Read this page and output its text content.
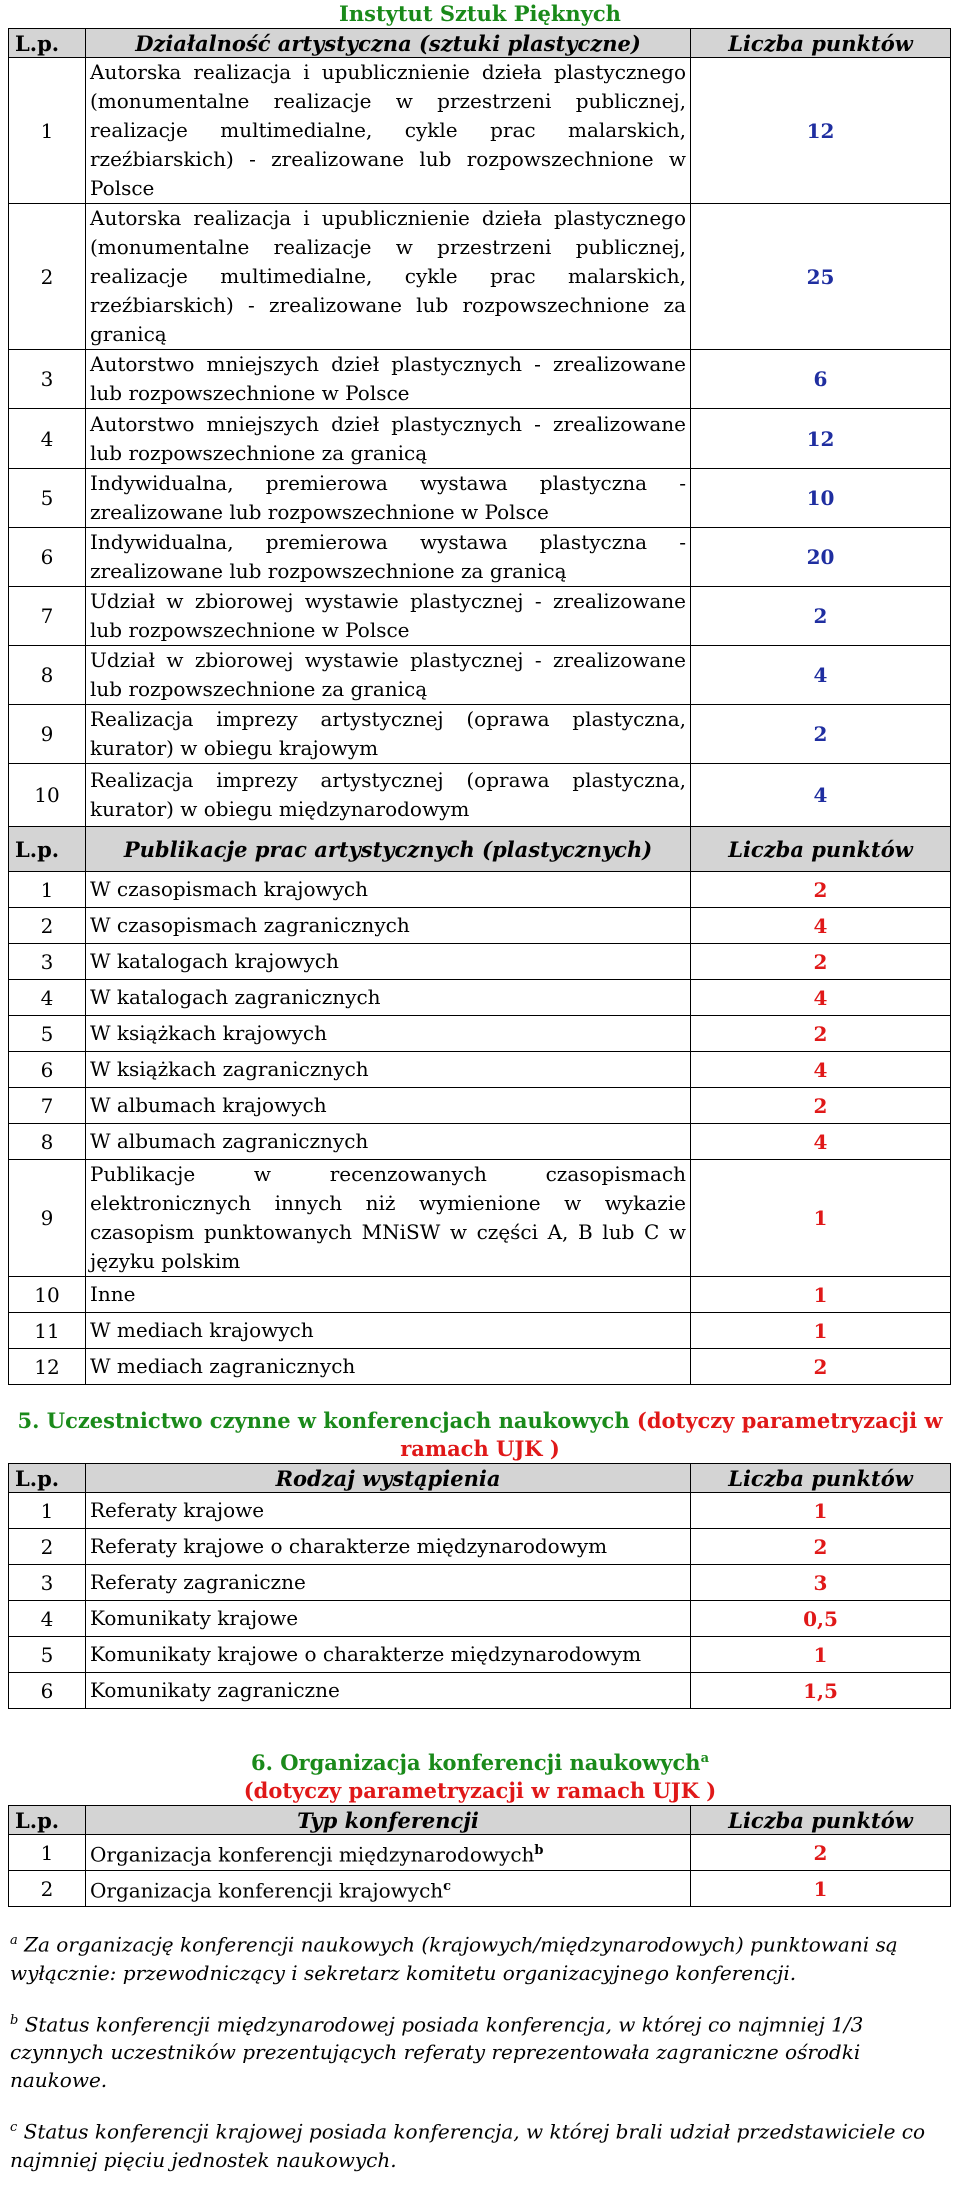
Instytut Sztuk Pięknych

L.p.	Działalność artystyczna (sztuki plastyczne)	Liczba punktów
1	Autorska realizacja i upublicznienie dzieła plastycznego (monumentalne realizacje w przestrzeni publicznej, realizacje multimedialne, cykle prac malarskich, rzeźbiarskich) - zrealizowane lub rozpowszechnione w Polsce	12
2	Autorska realizacja i upublicznienie dzieła plastycznego (monumentalne realizacje w przestrzeni publicznej, realizacje multimedialne, cykle prac malarskich, rzeźbiarskich) - zrealizowane lub rozpowszechnione za granicą	25
3	Autorstwo mniejszych dzieł plastycznych - zrealizowane lub rozpowszechnione w Polsce	6
4	Autorstwo mniejszych dzieł plastycznych - zrealizowane lub rozpowszechnione za granicą	12
5	Indywidualna, premierowa wystawa plastyczna - zrealizowane lub rozpowszechnione w Polsce	10
6	Indywidualna, premierowa wystawa plastyczna - zrealizowane lub rozpowszechnione za granicą	20
7	Udział w zbiorowej wystawie plastycznej - zrealizowane lub rozpowszechnione w Polsce	2
8	Udział w zbiorowej wystawie plastycznej - zrealizowane lub rozpowszechnione za granicą	4
9	Realizacja imprezy artystycznej (oprawa plastyczna, kurator) w obiegu krajowym	2
10	Realizacja imprezy artystycznej (oprawa plastyczna, kurator) w obiegu międzynarodowym	4
L.p.	Publikacje prac artystycznych (plastycznych)	Liczba punktów
1	W czasopismach krajowych	2
2	W czasopismach zagranicznych	4
3	W katalogach krajowych	2
4	W katalogach zagranicznych	4
5	W książkach krajowych	2
6	W książkach zagranicznych	4
7	W albumach krajowych	2
8	W albumach zagranicznych	4
9	Publikacje w recenzowanych czasopismach elektronicznych innych niż wymienione w wykazie czasopism punktowanych MNiSW w części A, B lub C w języku polskim	1
10	Inne	1
11	W mediach krajowych	1
12	W mediach zagranicznych	2

5. Uczestnictwo czynne w konferencjach naukowych (dotyczy parametryzacji w
ramach UJK )

L.p.	Rodzaj wystąpienia	Liczba punktów
1	Referaty krajowe	1
2	Referaty krajowe o charakterze międzynarodowym	2
3	Referaty zagraniczne	3
4	Komunikaty krajowe	0,5
5	Komunikaty krajowe o charakterze międzynarodowym	1
6	Komunikaty zagraniczne	1,5

6. Organizacja konferencji naukowych$^a$
(dotyczy parametryzacji w ramach UJK )

L.p.	Typ konferencji	Liczba punktów
1	Organizacja konferencji międzynarodowych$^b$	2
2	Organizacja konferencji krajowych$^c$	1

$^a$ Za organizację konferencji naukowych (krajowych/międzynarodowych) punktowani są wyłącznie: przewodniczący i sekretarz komitetu organizacyjnego konferencji.

$^b$ Status konferencji międzynarodowej posiada konferencja, w której co najmniej 1/3 czynnych uczestników prezentujących referaty reprezentowała zagraniczne ośrodki naukowe.

$^c$ Status konferencji krajowej posiada konferencja, w której brali udział przedstawiciele co najmniej pięciu jednostek naukowych.
